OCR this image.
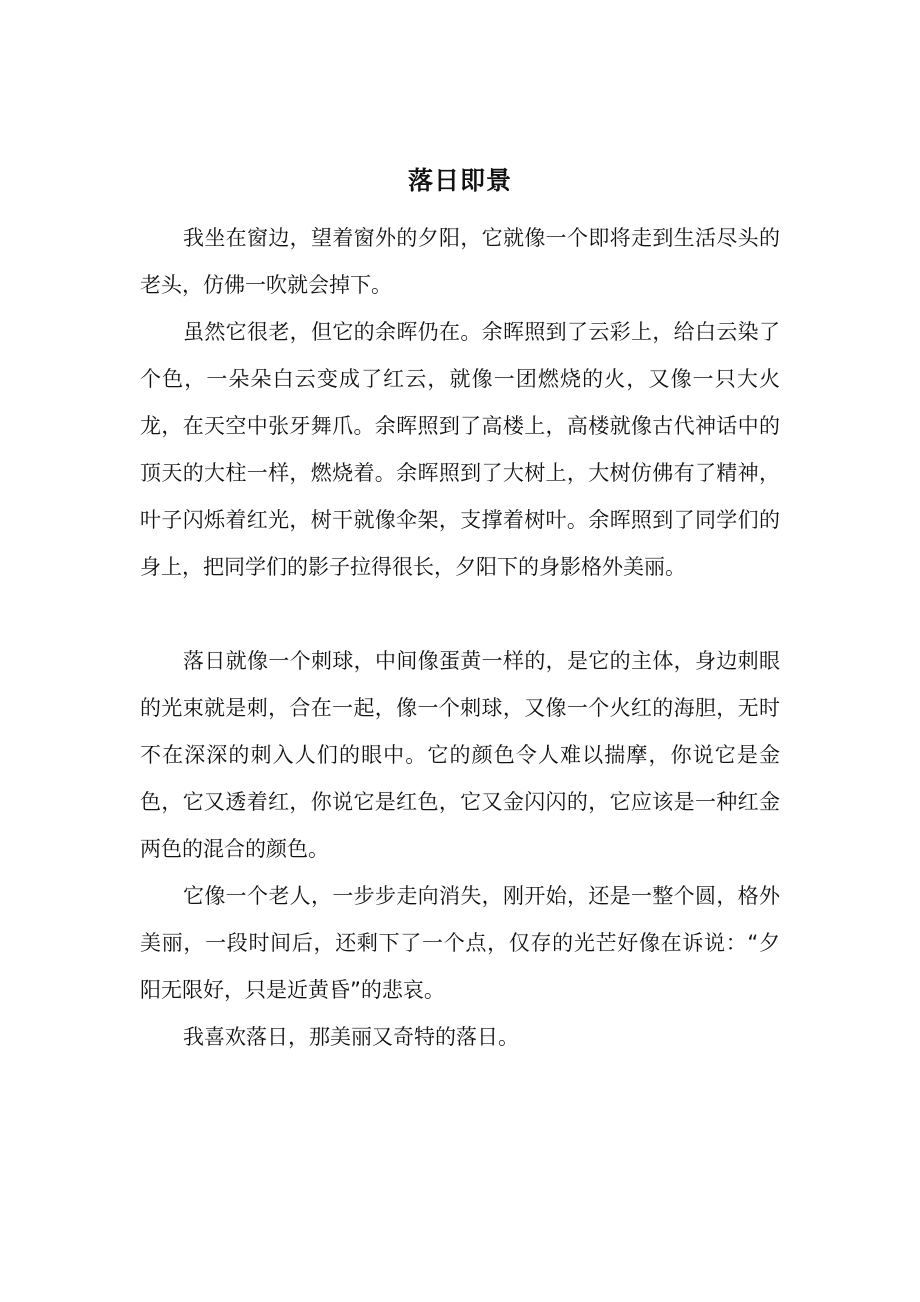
落日即景

我坐在窗边，望着窗外的夕阳，它就像一个即将走到生活尽头的老头，仿佛一吹就会掉下。

虽然它很老，但它的余晖仍在。余晖照到了云彩上，给白云染了个色，一朵朵白云变成了红云，就像一团燃烧的火，又像一只大火龙，在天空中张牙舞爪。余晖照到了高楼上，高楼就像古代神话中的顶天的大柱一样，燃烧着。余晖照到了大树上，大树仿佛有了精神，叶子闪烁着红光，树干就像伞架，支撑着树叶。余晖照到了同学们的身上，把同学们的影子拉得很长，夕阳下的身影格外美丽。

落日就像一个刺球，中间像蛋黄一样的，是它的主体，身边刺眼的光束就是刺，合在一起，像一个刺球，又像一个火红的海胆，无时不在深深的刺入人们的眼中。它的颜色令人难以揣摩，你说它是金色，它又透着红，你说它是红色，它又金闪闪的，它应该是一种红金两色的混合的颜色。

它像一个老人，一步步走向消失，刚开始，还是一整个圆，格外美丽，一段时间后，还剩下了一个点，仅存的光芒好像在诉说：“夕阳无限好，只是近黄昏”的悲哀。

我喜欢落日，那美丽又奇特的落日。
